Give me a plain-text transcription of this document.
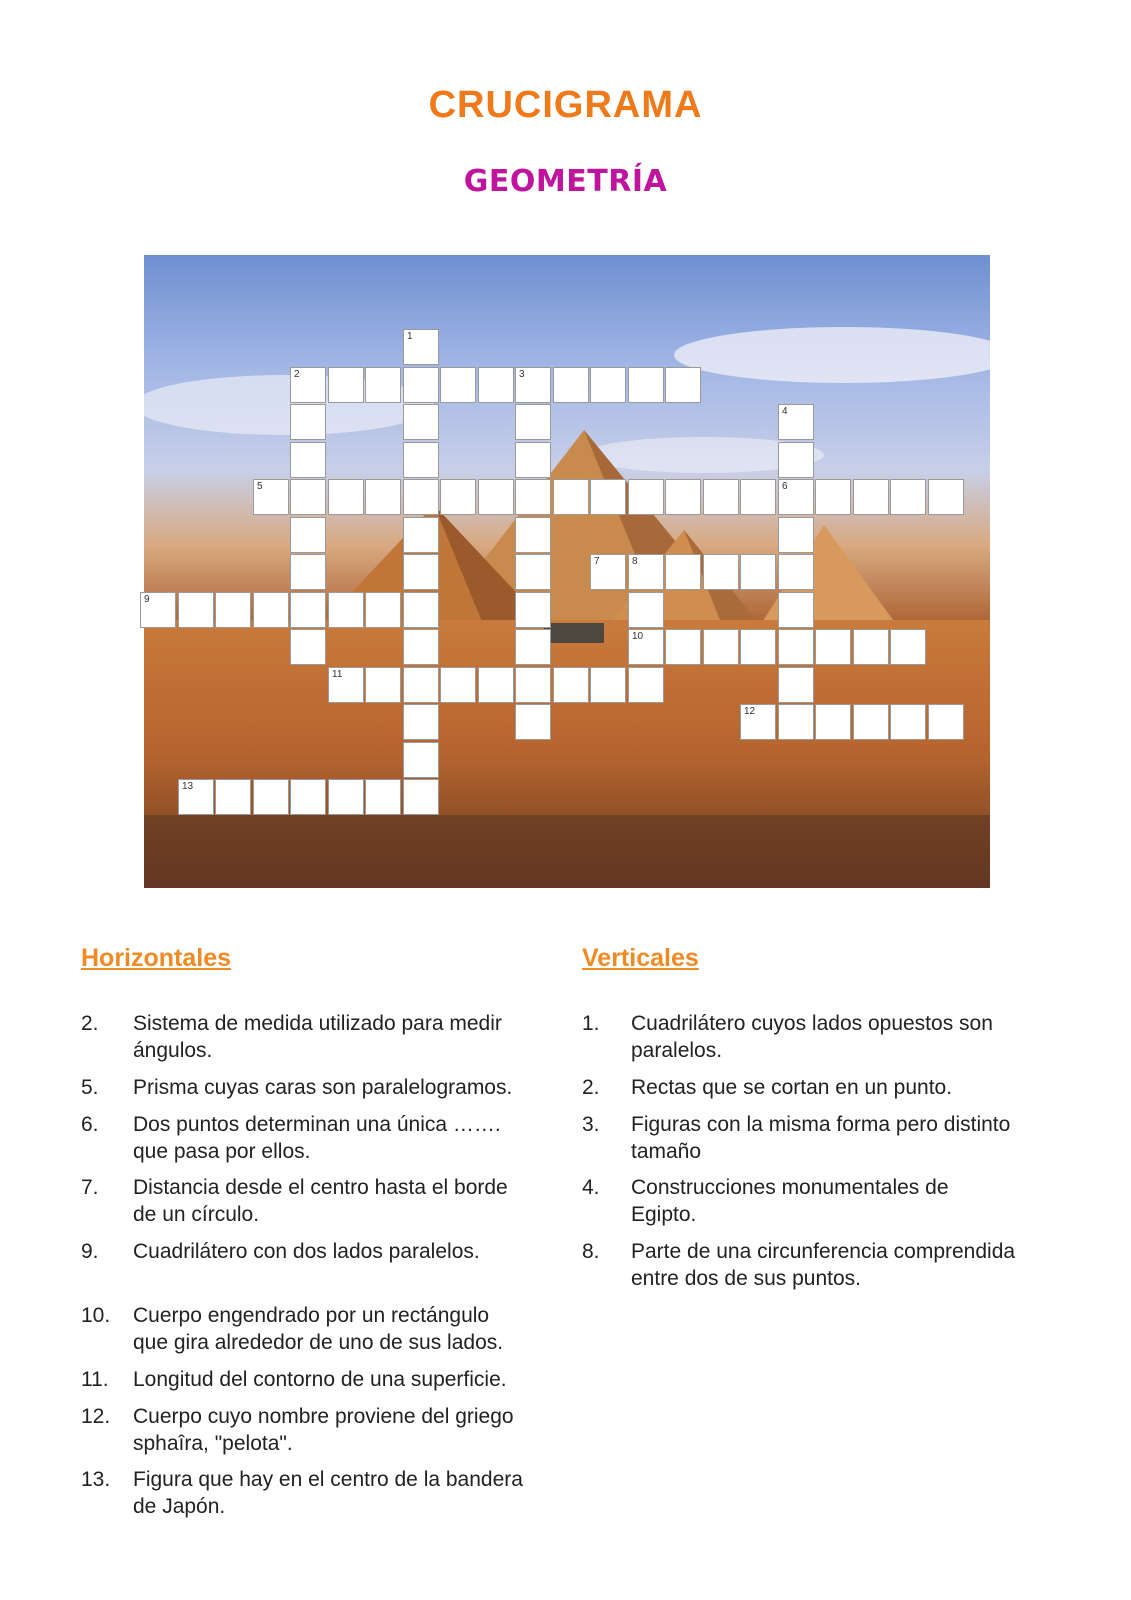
CRUCIGRAMA
GEOMETRÍA
1
2	3
4
6
5
7	8
10
9
11
12
13
Horizontales	Verticales
2. Sistema de medida utilizado para medir
ángulos.
5. Prisma cuyas caras son paralelogramos.
6. Dos puntos determinan una única …….
que pasa por ellos.
7. Distancia desde el centro hasta el borde
de un círculo.
9. Cuadrilátero con dos lados paralelos.
10. Cuerpo engendrado por un rectángulo
que gira alrededor de uno de sus lados.
11. Longitud del contorno de una superficie.
12. Cuerpo cuyo nombre proviene del griego
sphaîra, "pelota".
13. Figura que hay en el centro de la bandera
de Japón.
1. Cuadrilátero cuyos lados opuestos son
paralelos.
2. Rectas que se cortan en un punto.
3. Figuras con la misma forma pero distinto
tamaño
4. Construcciones monumentales de
Egipto.
8. Parte de una circunferencia comprendida
entre dos de sus puntos.
